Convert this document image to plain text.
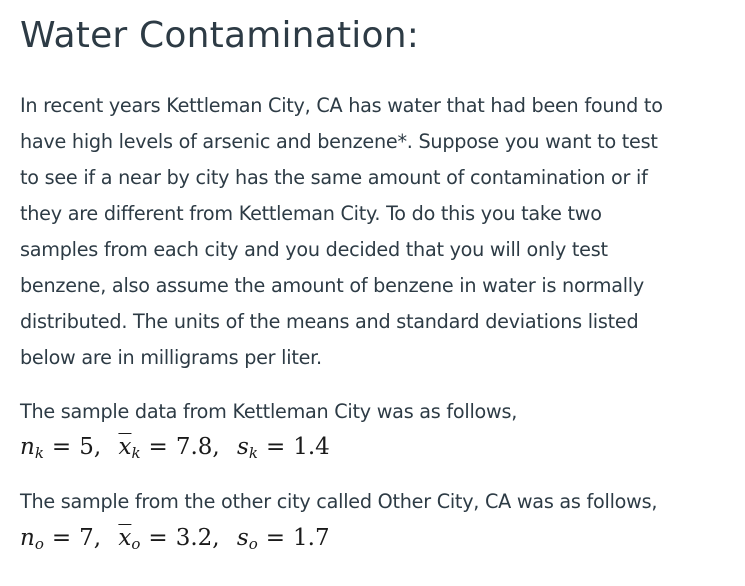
Water Contamination:

In recent years Kettleman City, CA has water that had been found to
have high levels of arsenic and benzene*. Suppose you want to test
to see if a near by city has the same amount of contamination or if
they are different from Kettleman City. To do this you take two
samples from each city and you decided that you will only test
benzene, also assume the amount of benzene in water is normally
distributed. The units of the means and standard deviations listed
below are in milligrams per liter.

The sample data from Kettleman City was as follows,

$n_k = 5$, $\overline{x}_k = 7.8$, $s_k = 1.4$

The sample from the other city called Other City, CA was as follows,

$n_o = 7$, $\overline{x}_o = 3.2$, $s_o = 1.7$
